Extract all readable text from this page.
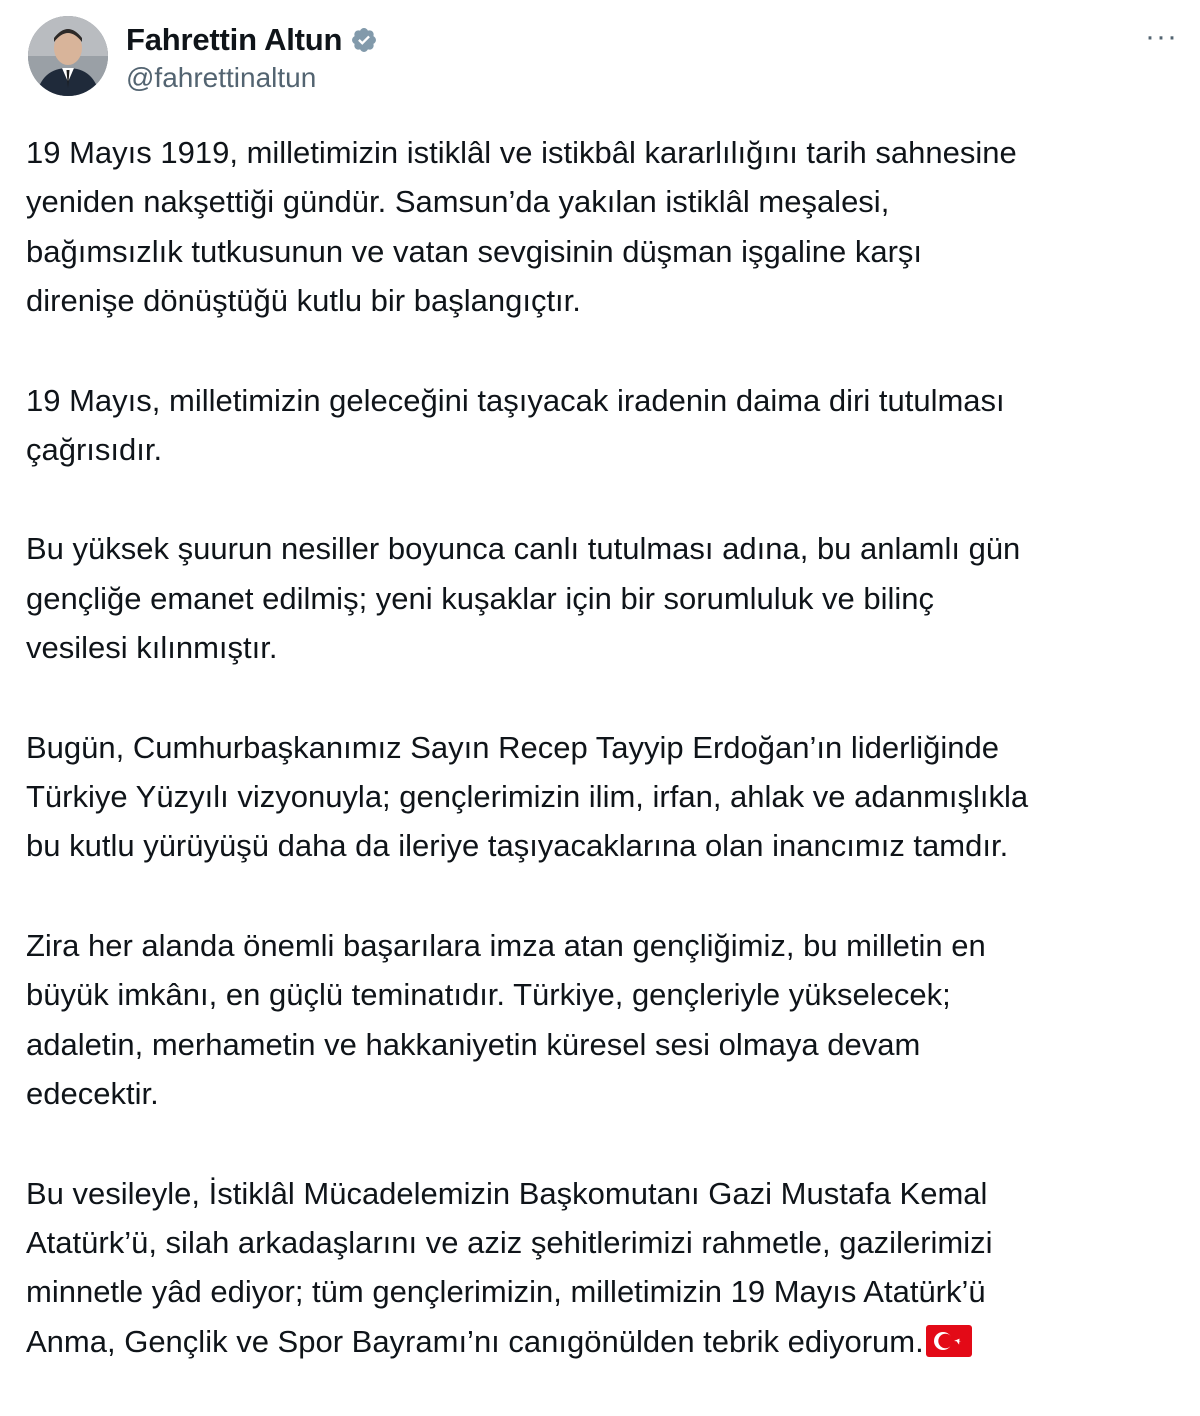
Fahrettin Altun
@fahrettinaltun
···

19 Mayıs 1919, milletimizin istiklâl ve istikbâl kararlılığını tarih sahnesine
yeniden nakşettiği gündür. Samsun’da yakılan istiklâl meşalesi,
bağımsızlık tutkusunun ve vatan sevgisinin düşman işgaline karşı
direnişe dönüştüğü kutlu bir başlangıçtır.

19 Mayıs, milletimizin geleceğini taşıyacak iradenin daima diri tutulması
çağrısıdır.

Bu yüksek şuurun nesiller boyunca canlı tutulması adına, bu anlamlı gün
gençliğe emanet edilmiş; yeni kuşaklar için bir sorumluluk ve bilinç
vesilesi kılınmıştır.

Bugün, Cumhurbaşkanımız Sayın Recep Tayyip Erdoğan’ın liderliğinde
Türkiye Yüzyılı vizyonuyla; gençlerimizin ilim, irfan, ahlak ve adanmışlıkla
bu kutlu yürüyüşü daha da ileriye taşıyacaklarına olan inancımız tamdır.

Zira her alanda önemli başarılara imza atan gençliğimiz, bu milletin en
büyük imkânı, en güçlü teminatıdır. Türkiye, gençleriyle yükselecek;
adaletin, merhametin ve hakkaniyetin küresel sesi olmaya devam
edecektir.

Bu vesileyle, İstiklâl Mücadelemizin Başkomutanı Gazi Mustafa Kemal
Atatürk’ü, silah arkadaşlarını ve aziz şehitlerimizi rahmetle, gazilerimizi
minnetle yâd ediyor; tüm gençlerimizin, milletimizin 19 Mayıs Atatürk’ü
Anma, Gençlik ve Spor Bayramı’nı canıgönülden tebrik ediyorum.
